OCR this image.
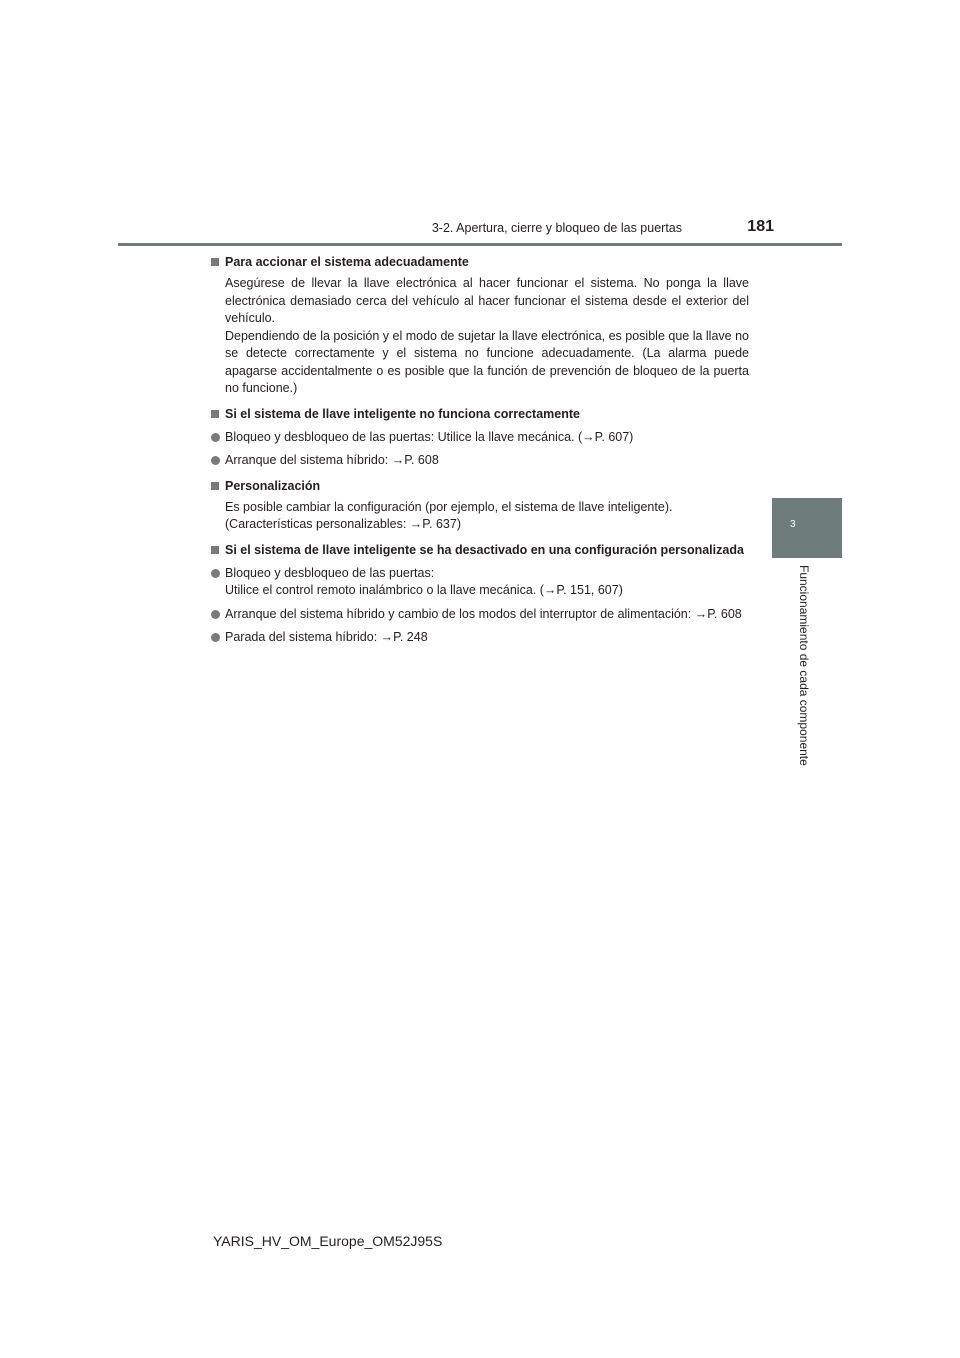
3-2. Apertura, cierre y bloqueo de las puertas	181
3
Funcionamiento de cada componente
Para accionar el sistema adecuadamente
Asegúrese de llevar la llave electrónica al hacer funcionar el sistema. No ponga la llave electrónica demasiado cerca del vehículo al hacer funcionar el sistema desde el exterior del vehículo.
Dependiendo de la posición y el modo de sujetar la llave electrónica, es posible que la llave no se detecte correctamente y el sistema no funcione adecuadamente. (La alarma puede apagarse accidentalmente o es posible que la función de prevención de bloqueo de la puerta no funcione.)
Si el sistema de llave inteligente no funciona correctamente
Bloqueo y desbloqueo de las puertas: Utilice la llave mecánica. (→P. 607)
Arranque del sistema híbrido: →P. 608
Personalización
Es posible cambiar la configuración (por ejemplo, el sistema de llave inteligente).
(Características personalizables: →P. 637)
Si el sistema de llave inteligente se ha desactivado en una configuración personalizada
Bloqueo y desbloqueo de las puertas:
Utilice el control remoto inalámbrico o la llave mecánica. (→P. 151, 607)
Arranque del sistema híbrido y cambio de los modos del interruptor de alimentación: →P. 608
Parada del sistema híbrido: →P. 248
YARIS_HV_OM_Europe_OM52J95S
